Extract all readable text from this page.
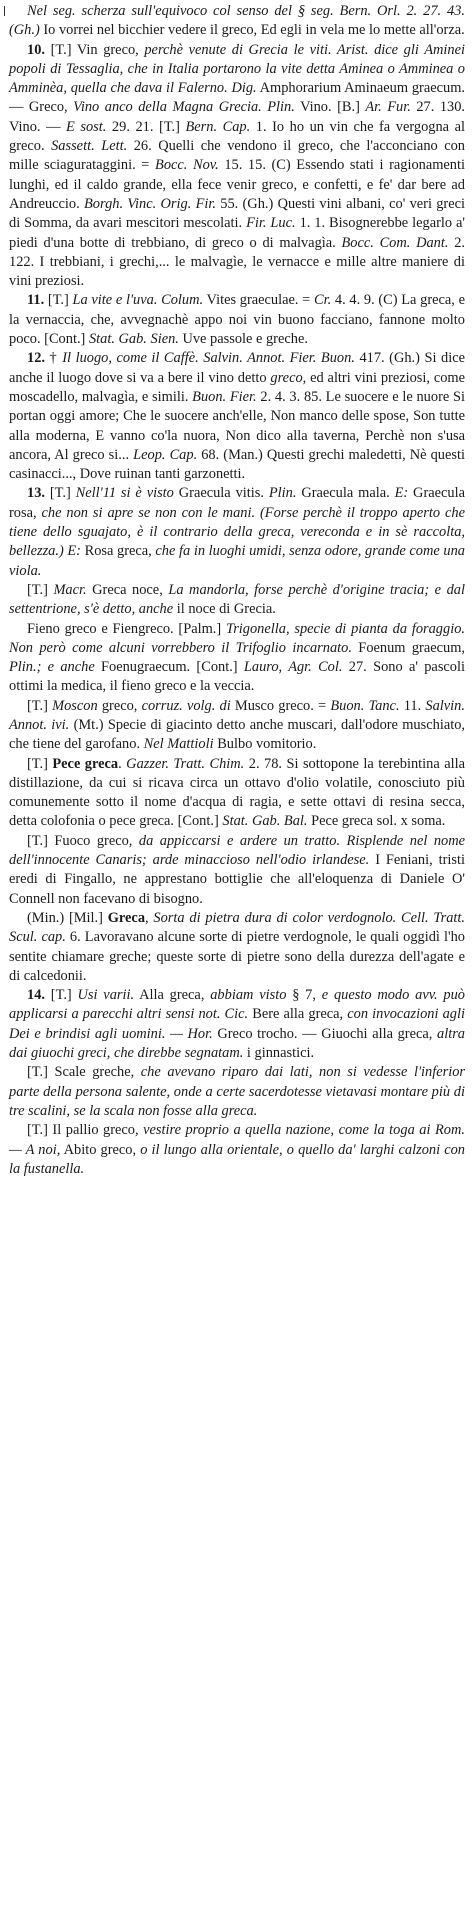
Nel seg. scherza sull'equivoco col senso del § seg. Bern. Orl. 2. 27. 43. (Gh.) Io vorrei nel bicchier vedere il greco, Ed egli in vela me lo mette all'orza.

10. [T.] Vin greco, perchè venute di Grecia le viti. Arist. dice gli Aminei popoli di Tessaglia, che in Italia portarono la vite detta Aminea o Amminea o Amminèa, quella che dava il Falerno. Dig. Amphorarium Aminaeum graecum. — Greco, Vino anco della Magna Grecia. Plin. Vino. [B.] Ar. Fur. 27. 130. Vino. — E sost. 29. 21. [T.] Bern. Cap. 1. Io ho un vin che fa vergogna al greco. Sassett. Lett. 26. Quelli che vendono il greco, che l'acconciano con mille sciagurataggini. = Bocc. Nov. 15. 15. (C) Essendo stati i ragionamenti lunghi, ed il caldo grande, ella fece venir greco, e confetti, e fe' dar bere ad Andreuccio. Borgh. Vinc. Orig. Fir. 55. (Gh.) Questi vini albani, co' veri greci di Somma, da avari mescitori mescolati. Fir. Luc. 1. 1. Bisognerebbe legarlo a' piedi d'una botte di trebbiano, di greco o di malvagìa. Bocc. Com. Dant. 2. 122. I trebbiani, i grechi,... le malvagìe, le vernacce e mille altre maniere di vini preziosi.

11. [T.] La vite e l'uva. Colum. Vites graeculae. = Cr. 4. 4. 9. (C) La greca, e la vernaccia, che, avvegnachè appo noi vin buono facciano, fannone molto poco. [Cont.] Stat. Gab. Sien. Uve passole e greche.

12. † Il luogo, come il Caffè. Salvin. Annot. Fier. Buon. 417. (Gh.) Si dice anche il luogo dove si va a bere il vino detto greco, ed altri vini preziosi, come moscadello, malvagìa, e simili. Buon. Fier. 2. 4. 3. 85. Le suocere e le nuore Si portan oggi amore; Che le suocere anch'elle, Non manco delle spose, Son tutte alla moderna, E vanno co'la nuora, Non dico alla taverna, Perchè non s'usa ancora, Al greco si... Leop. Cap. 68. (Man.) Questi grechi maledetti, Nè questi casinacci..., Dove ruinan tanti garzonetti.

13. [T.] Nell'11 si è visto Graecula vitis. Plin. Graecula mala. E: Graecula rosa, che non si apre se non con le mani. (Forse perchè il troppo aperto che tiene dello sguajato, è il contrario della greca, vereconda e in sè raccolta, bellezza.) E: Rosa greca, che fa in luoghi umidi, senza odore, grande come una viola.

[T.] Macr. Greca noce, La mandorla, forse perchè d'origine tracia; e dal settentrione, s'è detto, anche il noce di Grecia.

Fieno greco e Fiengreco. [Palm.] Trigonella, specie di pianta da foraggio. Non però come alcuni vorrebbero il Trifoglio incarnato. Foenum graecum, Plin.; e anche Foenugraecum. [Cont.] Lauro, Agr. Col. 27. Sono a' pascoli ottimi la medica, il fieno greco e la veccia.

[T.] Moscon greco, corruz. volg. di Musco greco. = Buon. Tanc. 11. Salvin. Annot. ivi. (Mt.) Specie di giacinto detto anche muscari, dall'odore muschiato, che tiene del garofano. Nel Mattioli Bulbo vomitorio.

[T.] Pece greca. Gazzer. Tratt. Chim. 2. 78. Si sottopone la terebintina alla distillazione, da cui si ricava circa un ottavo d'olio volatile, conosciuto più comunemente sotto il nome d'acqua di ragia, e sette ottavi di resina secca, detta colofonia o pece greca. [Cont.] Stat. Gab. Bal. Pece greca sol. x soma.

[T.] Fuoco greco, da appiccarsi e ardere un tratto. Risplende nel nome dell'innocente Canaris; arde minaccioso nell'odio irlandese. I Feniani, tristi eredi di Fingallo, ne apprestano bottiglie che all'eloquenza di Daniele O' Connell non facevano di bisogno.

(Min.) [Mil.] Greca, Sorta di pietra dura di color verdognolo. Cell. Tratt. Scul. cap. 6. Lavoravano alcune sorte di pietre verdognole, le quali oggidì l'ho sentite chiamare greche; queste sorte di pietre sono della durezza dell'agate e di calcedonii.

14. [T.] Usi varii. Alla greca, abbiam visto § 7, e questo modo avv. può applicarsi a parecchi altri sensi not. Cic. Bere alla greca, con invocazioni agli Dei e brindisi agli uomini. — Hor. Greco trocho. — Giuochi alla greca, altra dai giuochi greci, che direbbe segnatam. i ginnastici.

[T.] Scale greche, che avevano riparo dai lati, non si vedesse l'inferior parte della persona salente, onde a certe sacerdotesse vietavasi montare più di tre scalini, se la scala non fosse alla greca.

[T.] Il pallio greco, vestire proprio a quella nazione, come la toga ai Rom. — A noi, Abito greco, o il lungo alla orientale, o quello da' larghi calzoni con la fustanella.
